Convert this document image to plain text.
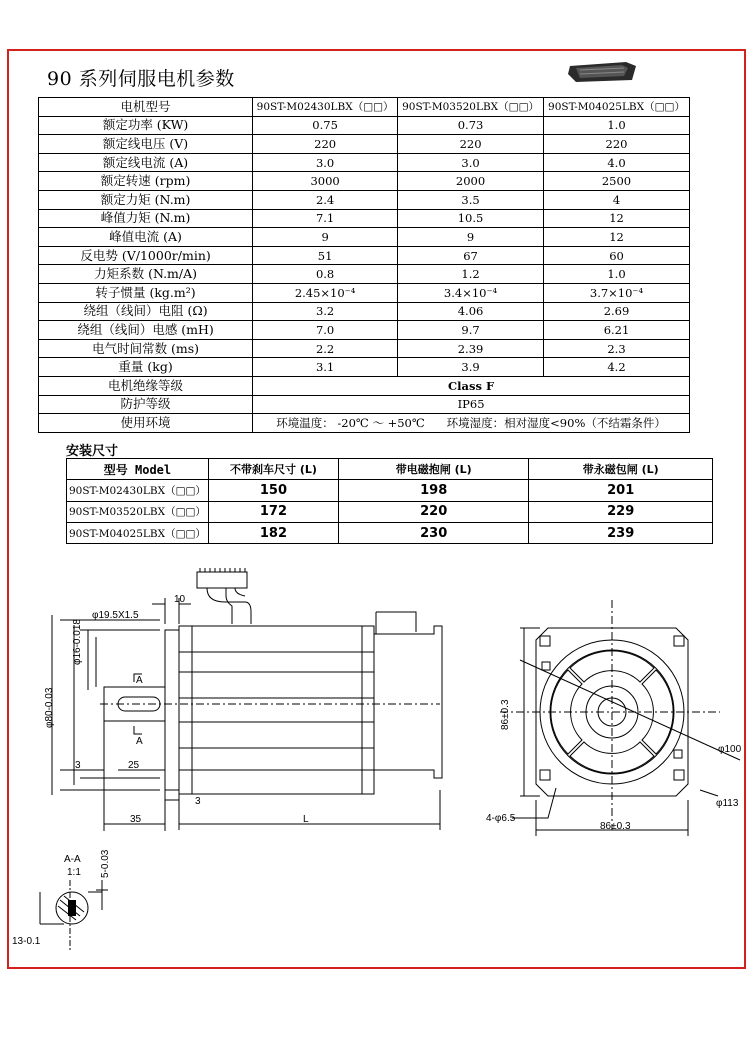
90 系列伺服电机参数
电机型号	90ST-M02430LBX（□□）	90ST-M03520LBX（□□）	90ST-M04025LBX（□□）
额定功率 (KW)	0.75	0.73	1.0
额定线电压 (V)	220	220	220
额定线电流 (A)	3.0	3.0	4.0
额定转速 (rpm)	3000	2000	2500
额定力矩 (N.m)	2.4	3.5	4
峰值力矩 (N.m)	7.1	10.5	12
峰值电流 (A)	9	9	12
反电势 (V/1000r/min)	51	67	60
力矩系数 (N.m/A)	0.8	1.2	1.0
转子惯量 (kg.m²)	2.45×10⁻⁴	3.4×10⁻⁴	3.7×10⁻⁴
绕组（线间）电阻 (Ω)	3.2	4.06	2.69
绕组（线间）电感 (mH)	7.0	9.7	6.21
电气时间常数 (ms)	2.2	2.39	2.3
重量 (kg)	3.1	3.9	4.2
电机绝缘等级	Class F		
防护等级	IP65		
使用环境	环境温度： -20℃ ～ +50℃ 环境湿度：相对湿度<90%（不结霜条件）		
安装尺寸
型号 Model	不带刹车尺寸 (L)	带电磁抱闸 (L)	带永磁包闸 (L)
90ST-M02430LBX（□□）	150	198	201
90ST-M03520LBX（□□）	172	220	229
90ST-M04025LBX（□□）	182	230	239
φ19.5X1.5
10
φ16-0.018
φ80-0.03
A
A
3	25
3
35	L
86±0.3
86±0.3
4-φ6.5
φ100
φ113
A-A
1:1 5-0.03
13-0.1
